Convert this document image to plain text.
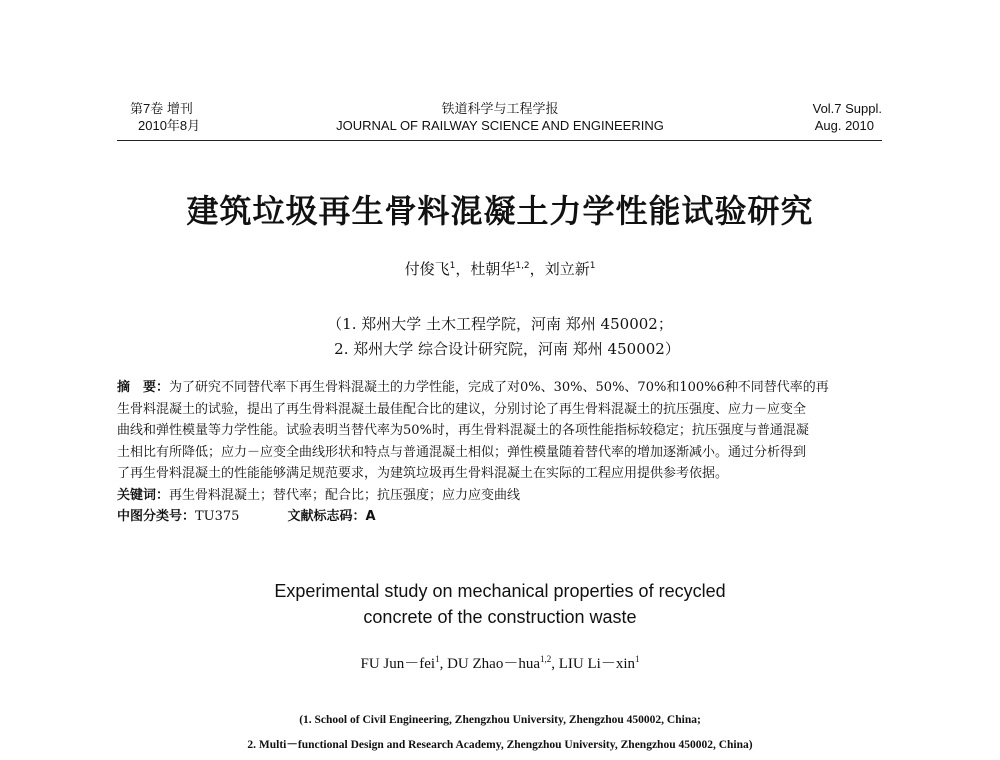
第7卷 增刊
2010年8月
铁道科学与工程学报
JOURNAL OF RAILWAY SCIENCE AND ENGINEERING
Vol.7 Suppl.
Aug. 2010
建筑垃圾再生骨料混凝土力学性能试验研究
付俊飞$^1$，杜朝华$^{1,2}$，刘立新$^1$
（1. 郑州大学 土木工程学院，河南 郑州 450002；
2. 郑州大学 综合设计研究院，河南 郑州 450002）
摘　要：为了研究不同替代率下再生骨料混凝土的力学性能，完成了对0%、30%、50%、70%和100%6种不同替代率的再
生骨料混凝土的试验，提出了再生骨料混凝土最佳配合比的建议，分别讨论了再生骨料混凝土的抗压强度、应力－应变全
曲线和弹性模量等力学性能。试验表明当替代率为50%时，再生骨料混凝土的各项性能指标较稳定；抗压强度与普通混凝
土相比有所降低；应力－应变全曲线形状和特点与普通混凝土相似；弹性模量随着替代率的增加逐渐减小。通过分析得到
了再生骨料混凝土的性能能够满足规范要求，为建筑垃圾再生骨料混凝土在实际的工程应用提供参考依据。
关键词：再生骨料混凝土；替代率；配合比；抗压强度；应力应变曲线
中图分类号：TU375	文献标志码：A
Experimental study on mechanical properties of recycled
concrete of the construction waste
FU Jun－fei$^1$, DU Zhao－hua$^{1,2}$, LIU Li－xin$^1$
(1. School of Civil Engineering, Zhengzhou University, Zhengzhou 450002, China;
2. Multi－functional Design and Research Academy, Zhengzhou University, Zhengzhou 450002, China)
